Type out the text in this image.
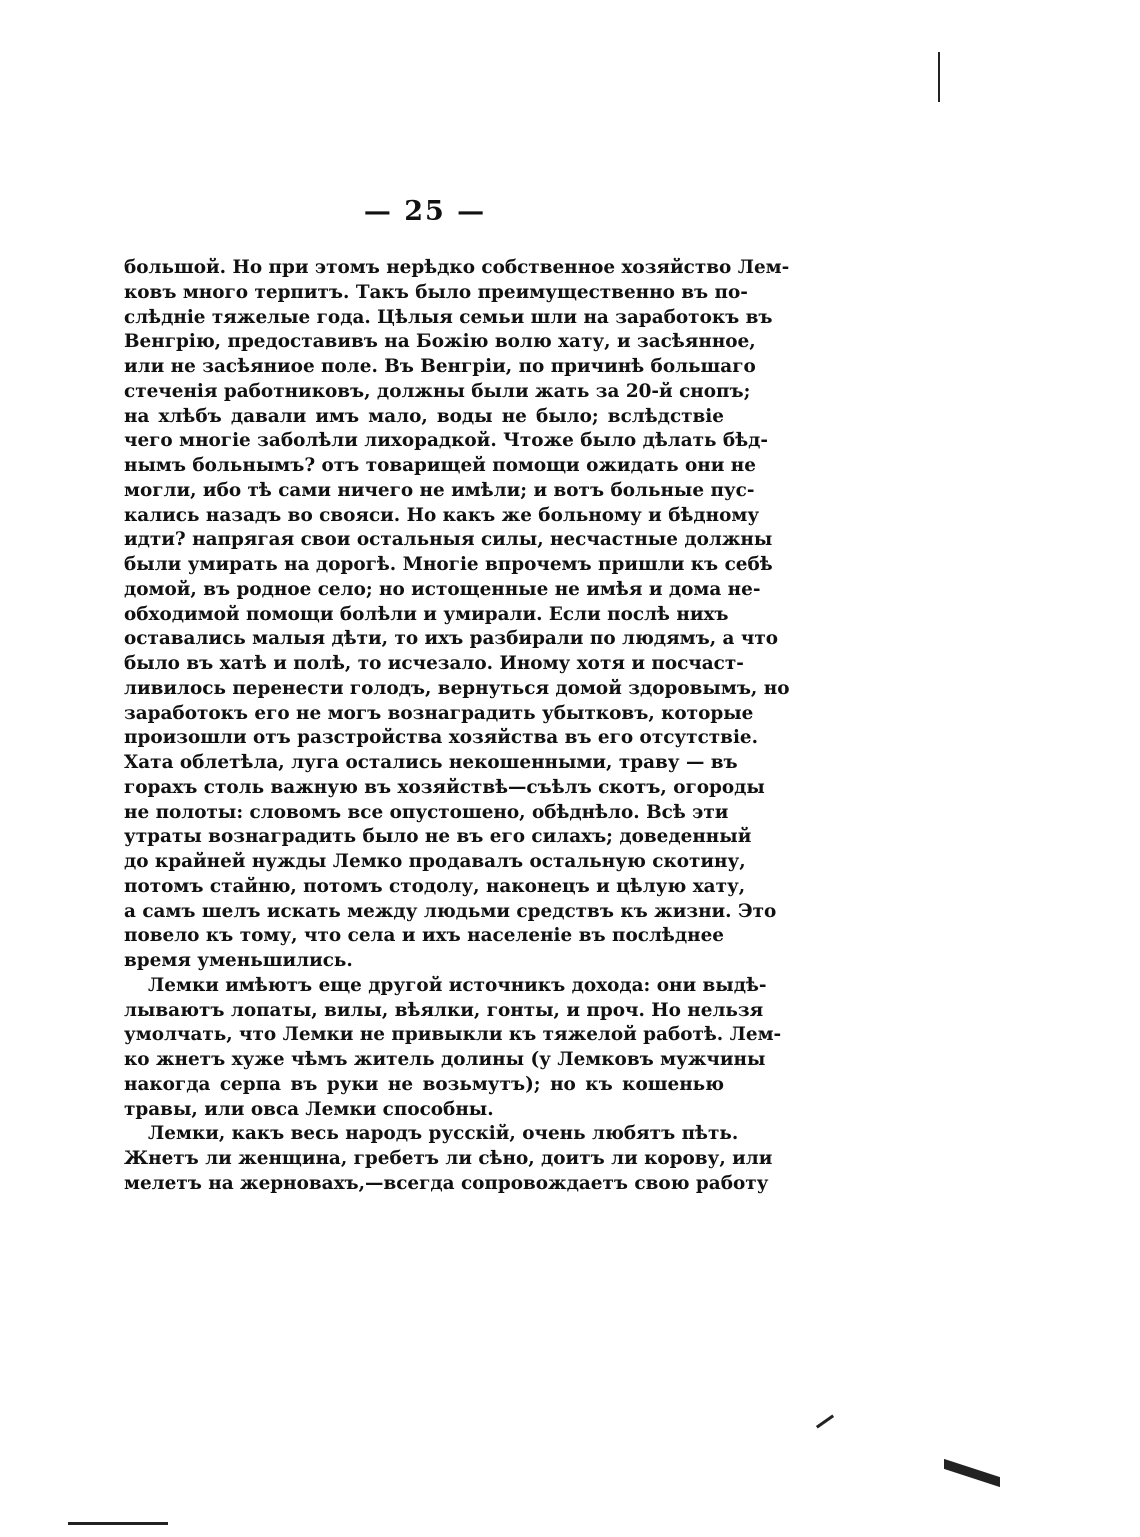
— 25 —
большой. Но при этомъ нерѣдко собственное хозяйство Лем-
ковъ много терпитъ. Такъ было преимущественно въ по-
слѣдніе тяжелые года. Цѣлыя семьи шли на заработокъ въ
Венгрію, предоставивъ на Божію волю хату, и засѣянное,
или не засѣяниое поле. Въ Венгріи, по причинѣ большаго
стеченія работниковъ, должны были жать за 20-й снопъ;
на хлѣбъ давали имъ мало, воды не было; вслѣдствіе
чего многіе заболѣли лихорадкой. Чтоже было дѣлать бѣд-
нымъ больнымъ? отъ товарищей помощи ожидать они не
могли, ибо тѣ сами ничего не имѣли; и вотъ больные пус-
кались назадъ во свояси. Но какъ же больному и бѣдному
идти? напрягая свои остальныя силы, несчастные должны
были умирать на дорогѣ. Многіе впрочемъ пришли къ себѣ
домой, въ родное село; но истощенные не имѣя и дома не-
обходимой помощи болѣли и умирали. Если послѣ нихъ
оставались малыя дѣти, то ихъ разбирали по людямъ, а что
было въ хатѣ и полѣ, то исчезало. Иному хотя и посчаст-
ливилось перенести голодъ, вернуться домой здоровымъ, но
заработокъ его не могъ вознаградить убытковъ, которые
произошли отъ разстройства хозяйства въ его отсутствіе.
Хата облетѣла, луга остались некошенными, траву — въ
горахъ столь важную въ хозяйствѣ—съѣлъ скотъ, огороды
не полоты: словомъ все опустошено, обѣднѣло. Всѣ эти
утраты вознаградить было не въ его силахъ; доведенный
до крайней нужды Лемко продавалъ остальную скотину,
потомъ стайню, потомъ стодолу, наконецъ и цѣлую хату,
а самъ шелъ искать между людьми средствъ къ жизни. Это
повело къ тому, что села и ихъ населеніе въ послѣднее
время уменьшились.
Лемки имѣютъ еще другой источникъ дохода: они выдѣ-
лываютъ лопаты, вилы, вѣялки, гонты, и проч. Но нельзя
умолчать, что Лемки не привыкли къ тяжелой работѣ. Лем-
ко жнетъ хуже чѣмъ житель долины (у Лемковъ мужчины
накогда серпа въ руки не возьмутъ); но къ кошенью
травы, или овса Лемки способны.
Лемки, какъ весь народъ русскій, очень любятъ пѣть.
Жнетъ ли женщина, гребетъ ли сѣно, доитъ ли корову, или
мелетъ на жерновахъ,—всегда сопровождаетъ свою работу
